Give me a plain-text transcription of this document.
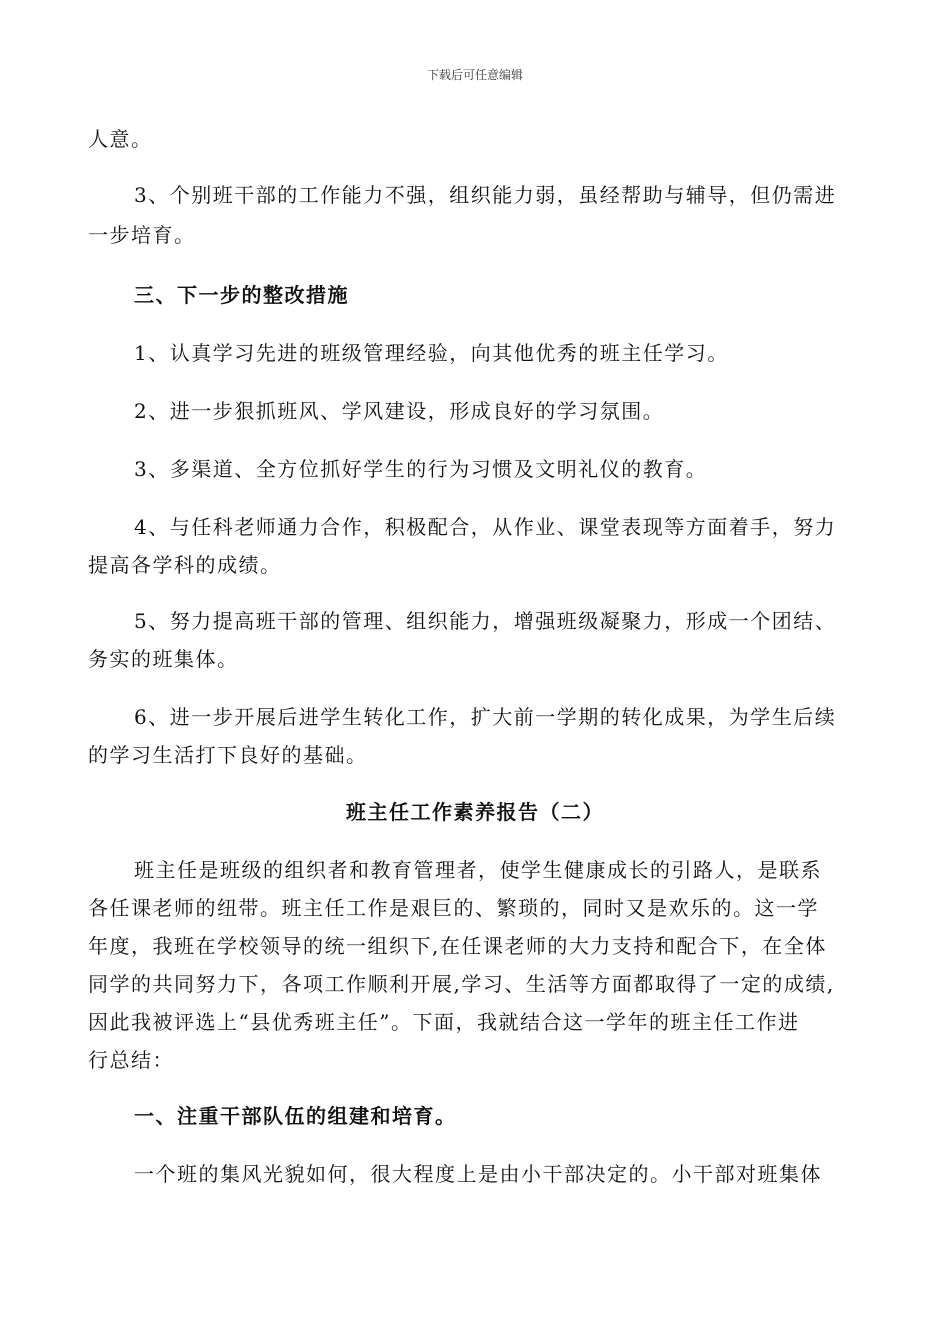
下载后可任意编辑
人意。
3、个别班干部的工作能力不强，组织能力弱，虽经帮助与辅导，但仍需进
一步培育。
三、下一步的整改措施
1、认真学习先进的班级管理经验，向其他优秀的班主任学习。
2、进一步狠抓班风、学风建设，形成良好的学习氛围。
3、多渠道、全方位抓好学生的行为习惯及文明礼仪的教育。
4、与任科老师通力合作，积极配合，从作业、课堂表现等方面着手，努力
提高各学科的成绩。
5、努力提高班干部的管理、组织能力，增强班级凝聚力，形成一个团结、
务实的班集体。
6、进一步开展后进学生转化工作，扩大前一学期的转化成果，为学生后续
的学习生活打下良好的基础。
班主任工作素养报告（二）
班主任是班级的组织者和教育管理者，使学生健康成长的引路人，是联系
各任课老师的纽带。班主任工作是艰巨的、繁琐的，同时又是欢乐的。这一学
年度，我班在学校领导的统一组织下,在任课老师的大力支持和配合下，在全体
同学的共同努力下，各项工作顺利开展,学习、生活等方面都取得了一定的成绩,
因此我被评选上“县优秀班主任”。下面，我就结合这一学年的班主任工作进
行总结：
一、注重干部队伍的组建和培育。
一个班的集风光貌如何，很大程度上是由小干部决定的。小干部对班集体
